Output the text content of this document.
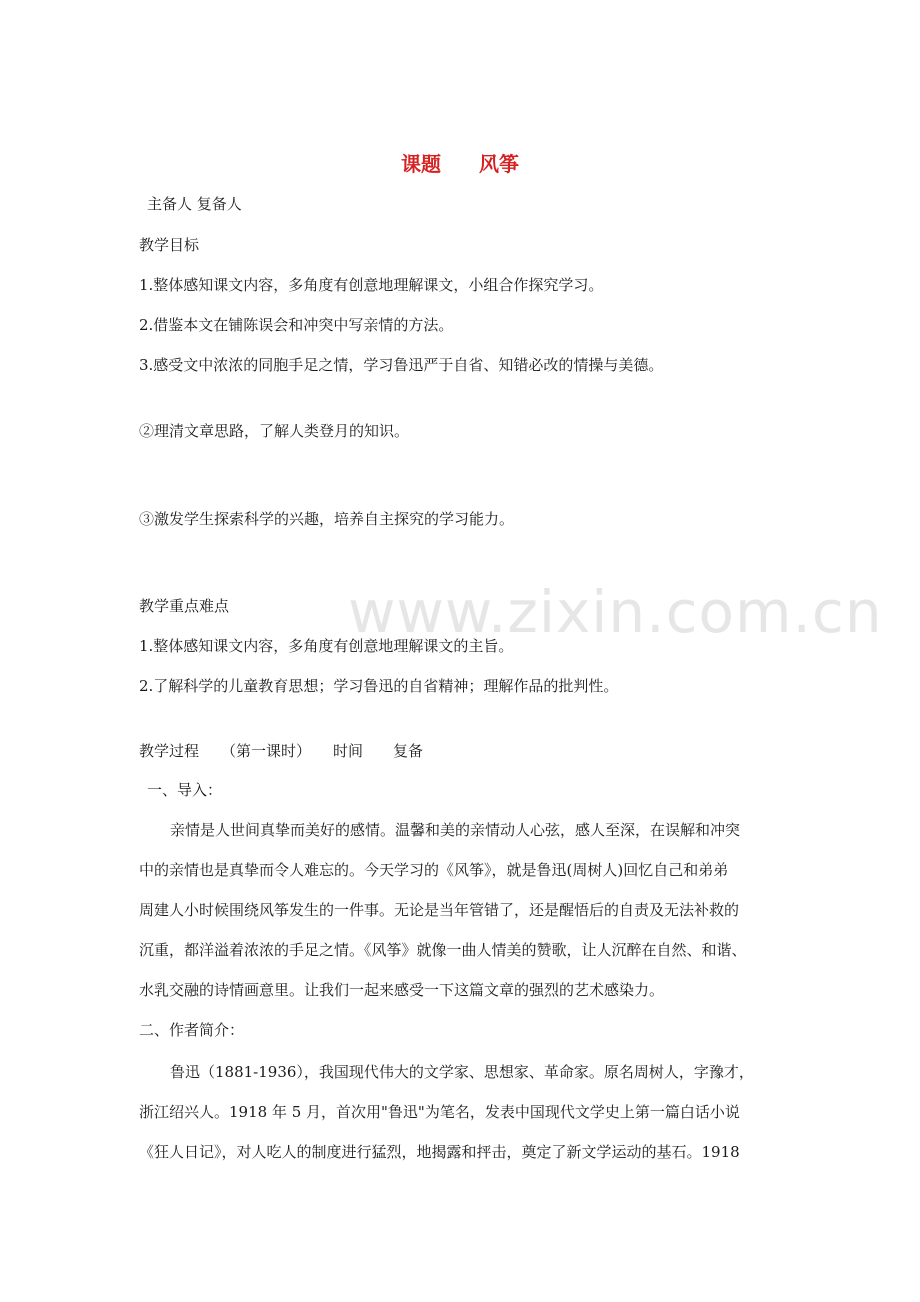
www.zixin.com.cn
课题 风筝
主备人 复备人
教学目标
1.整体感知课文内容，多角度有创意地理解课文，小组合作探究学习。
2.借鉴本文在铺陈误会和冲突中写亲情的方法。
3.感受文中浓浓的同胞手足之情，学习鲁迅严于自省、知错必改的情操与美德。
②理清文章思路，了解人类登月的知识。
③激发学生探索科学的兴趣，培养自主探究的学习能力。
教学重点难点
1.整体感知课文内容，多角度有创意地理解课文的主旨。
2.了解科学的儿童教育思想；学习鲁迅的自省精神；理解作品的批判性。
教学过程 （第一课时） 时间 复备
一、导入：
亲情是人世间真挚而美好的感情。温馨和美的亲情动人心弦，感人至深，在误解和冲突
中的亲情也是真挚而令人难忘的。今天学习的《风筝》，就是鲁迅(周树人)回忆自己和弟弟
周建人小时候围绕风筝发生的一件事。无论是当年管错了，还是醒悟后的自责及无法补救的
沉重，都洋溢着浓浓的手足之情。《风筝》就像一曲人情美的赞歌，让人沉醉在自然、和谐、
水乳交融的诗情画意里。让我们一起来感受一下这篇文章的强烈的艺术感染力。
二、作者简介：
鲁迅（1881-1936），我国现代伟大的文学家、思想家、革命家。原名周树人，字豫才，
浙江绍兴人。1918 年 5 月，首次用"鲁迅"为笔名，发表中国现代文学史上第一篇白话小说
《狂人日记》，对人吃人的制度进行猛烈，地揭露和抨击，奠定了新文学运动的基石。1918
